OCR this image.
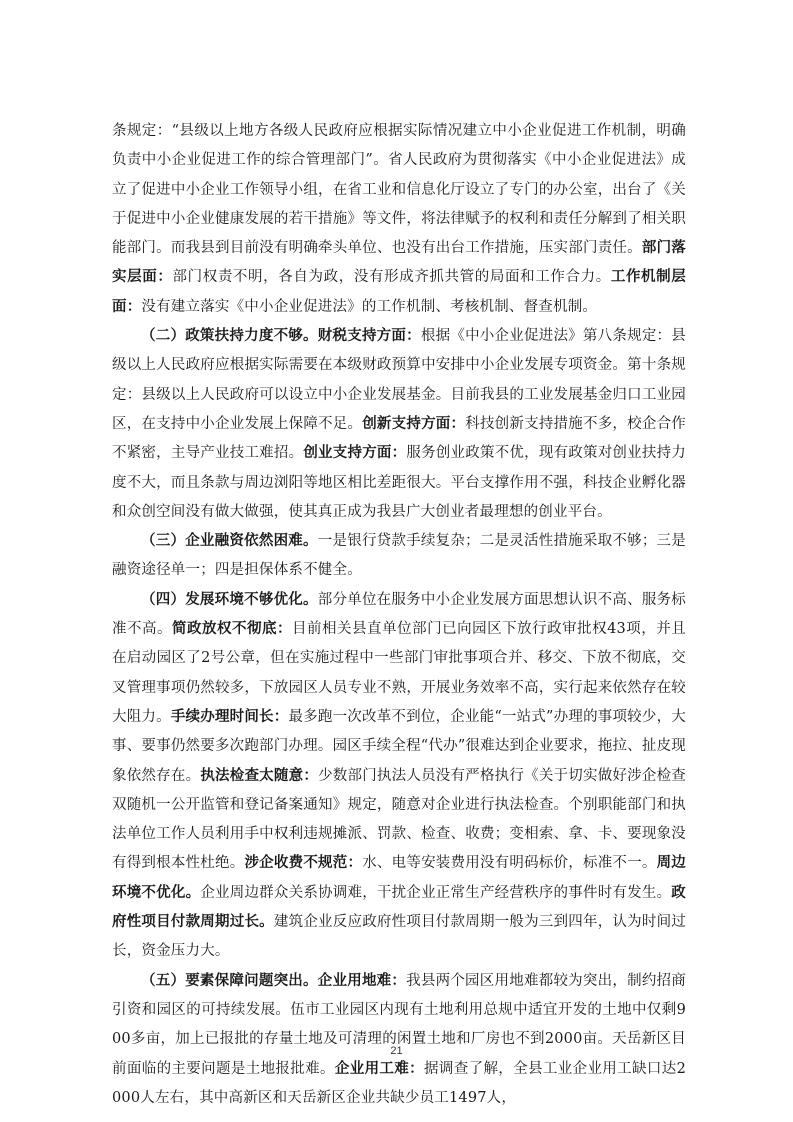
条规定：“县级以上地方各级人民政府应根据实际情况建立中小企业促进工作机制，明确负责中小企业促进工作的综合管理部门”。省人民政府为贯彻落实《中小企业促进法》成立了促进中小企业工作领导小组，在省工业和信息化厅设立了专门的办公室，出台了《关于促进中小企业健康发展的若干措施》等文件，将法律赋予的权利和责任分解到了相关职能部门。而我县到目前没有明确牵头单位、也没有出台工作措施，压实部门责任。部门落实层面：部门权责不明，各自为政，没有形成齐抓共管的局面和工作合力。工作机制层面：没有建立落实《中小企业促进法》的工作机制、考核机制、督查机制。

（二）政策扶持力度不够。财税支持方面：根据《中小企业促进法》第八条规定：县级以上人民政府应根据实际需要在本级财政预算中安排中小企业发展专项资金。第十条规定：县级以上人民政府可以设立中小企业发展基金。目前我县的工业发展基金归口工业园区，在支持中小企业发展上保障不足。创新支持方面：科技创新支持措施不多，校企合作不紧密，主导产业技工难招。创业支持方面：服务创业政策不优，现有政策对创业扶持力度不大，而且条款与周边浏阳等地区相比差距很大。平台支撑作用不强，科技企业孵化器和众创空间没有做大做强，使其真正成为我县广大创业者最理想的创业平台。

（三）企业融资依然困难。一是银行贷款手续复杂；二是灵活性措施采取不够；三是融资途径单一；四是担保体系不健全。

（四）发展环境不够优化。部分单位在服务中小企业发展方面思想认识不高、服务标准不高。简政放权不彻底：目前相关县直单位部门已向园区下放行政审批权43项，并且在启动园区了2号公章，但在实施过程中一些部门审批事项合并、移交、下放不彻底，交叉管理事项仍然较多，下放园区人员专业不熟，开展业务效率不高，实行起来依然存在较大阻力。手续办理时间长：最多跑一次改革不到位，企业能“一站式”办理的事项较少，大事、要事仍然要多次跑部门办理。园区手续全程“代办”很难达到企业要求，拖拉、扯皮现象依然存在。执法检查太随意：少数部门执法人员没有严格执行《关于切实做好涉企检查双随机一公开监管和登记备案通知》规定，随意对企业进行执法检查。个别职能部门和执法单位工作人员利用手中权利违规摊派、罚款、检查、收费；变相索、拿、卡、要现象没有得到根本性杜绝。涉企收费不规范：水、电等安装费用没有明码标价，标准不一。周边环境不优化。企业周边群众关系协调难，干扰企业正常生产经营秩序的事件时有发生。政府性项目付款周期过长。建筑企业反应政府性项目付款周期一般为三到四年，认为时间过长，资金压力大。

（五）要素保障问题突出。企业用地难：我县两个园区用地难都较为突出，制约招商引资和园区的可持续发展。伍市工业园区内现有土地利用总规中适宜开发的土地中仅剩900多亩，加上已报批的存量土地及可清理的闲置土地和厂房也不到2000亩。天岳新区目前面临的主要问题是土地报批难。企业用工难：据调查了解，全县工业企业用工缺口达2000人左右，其中高新区和天岳新区企业共缺少员工1497人，

21
